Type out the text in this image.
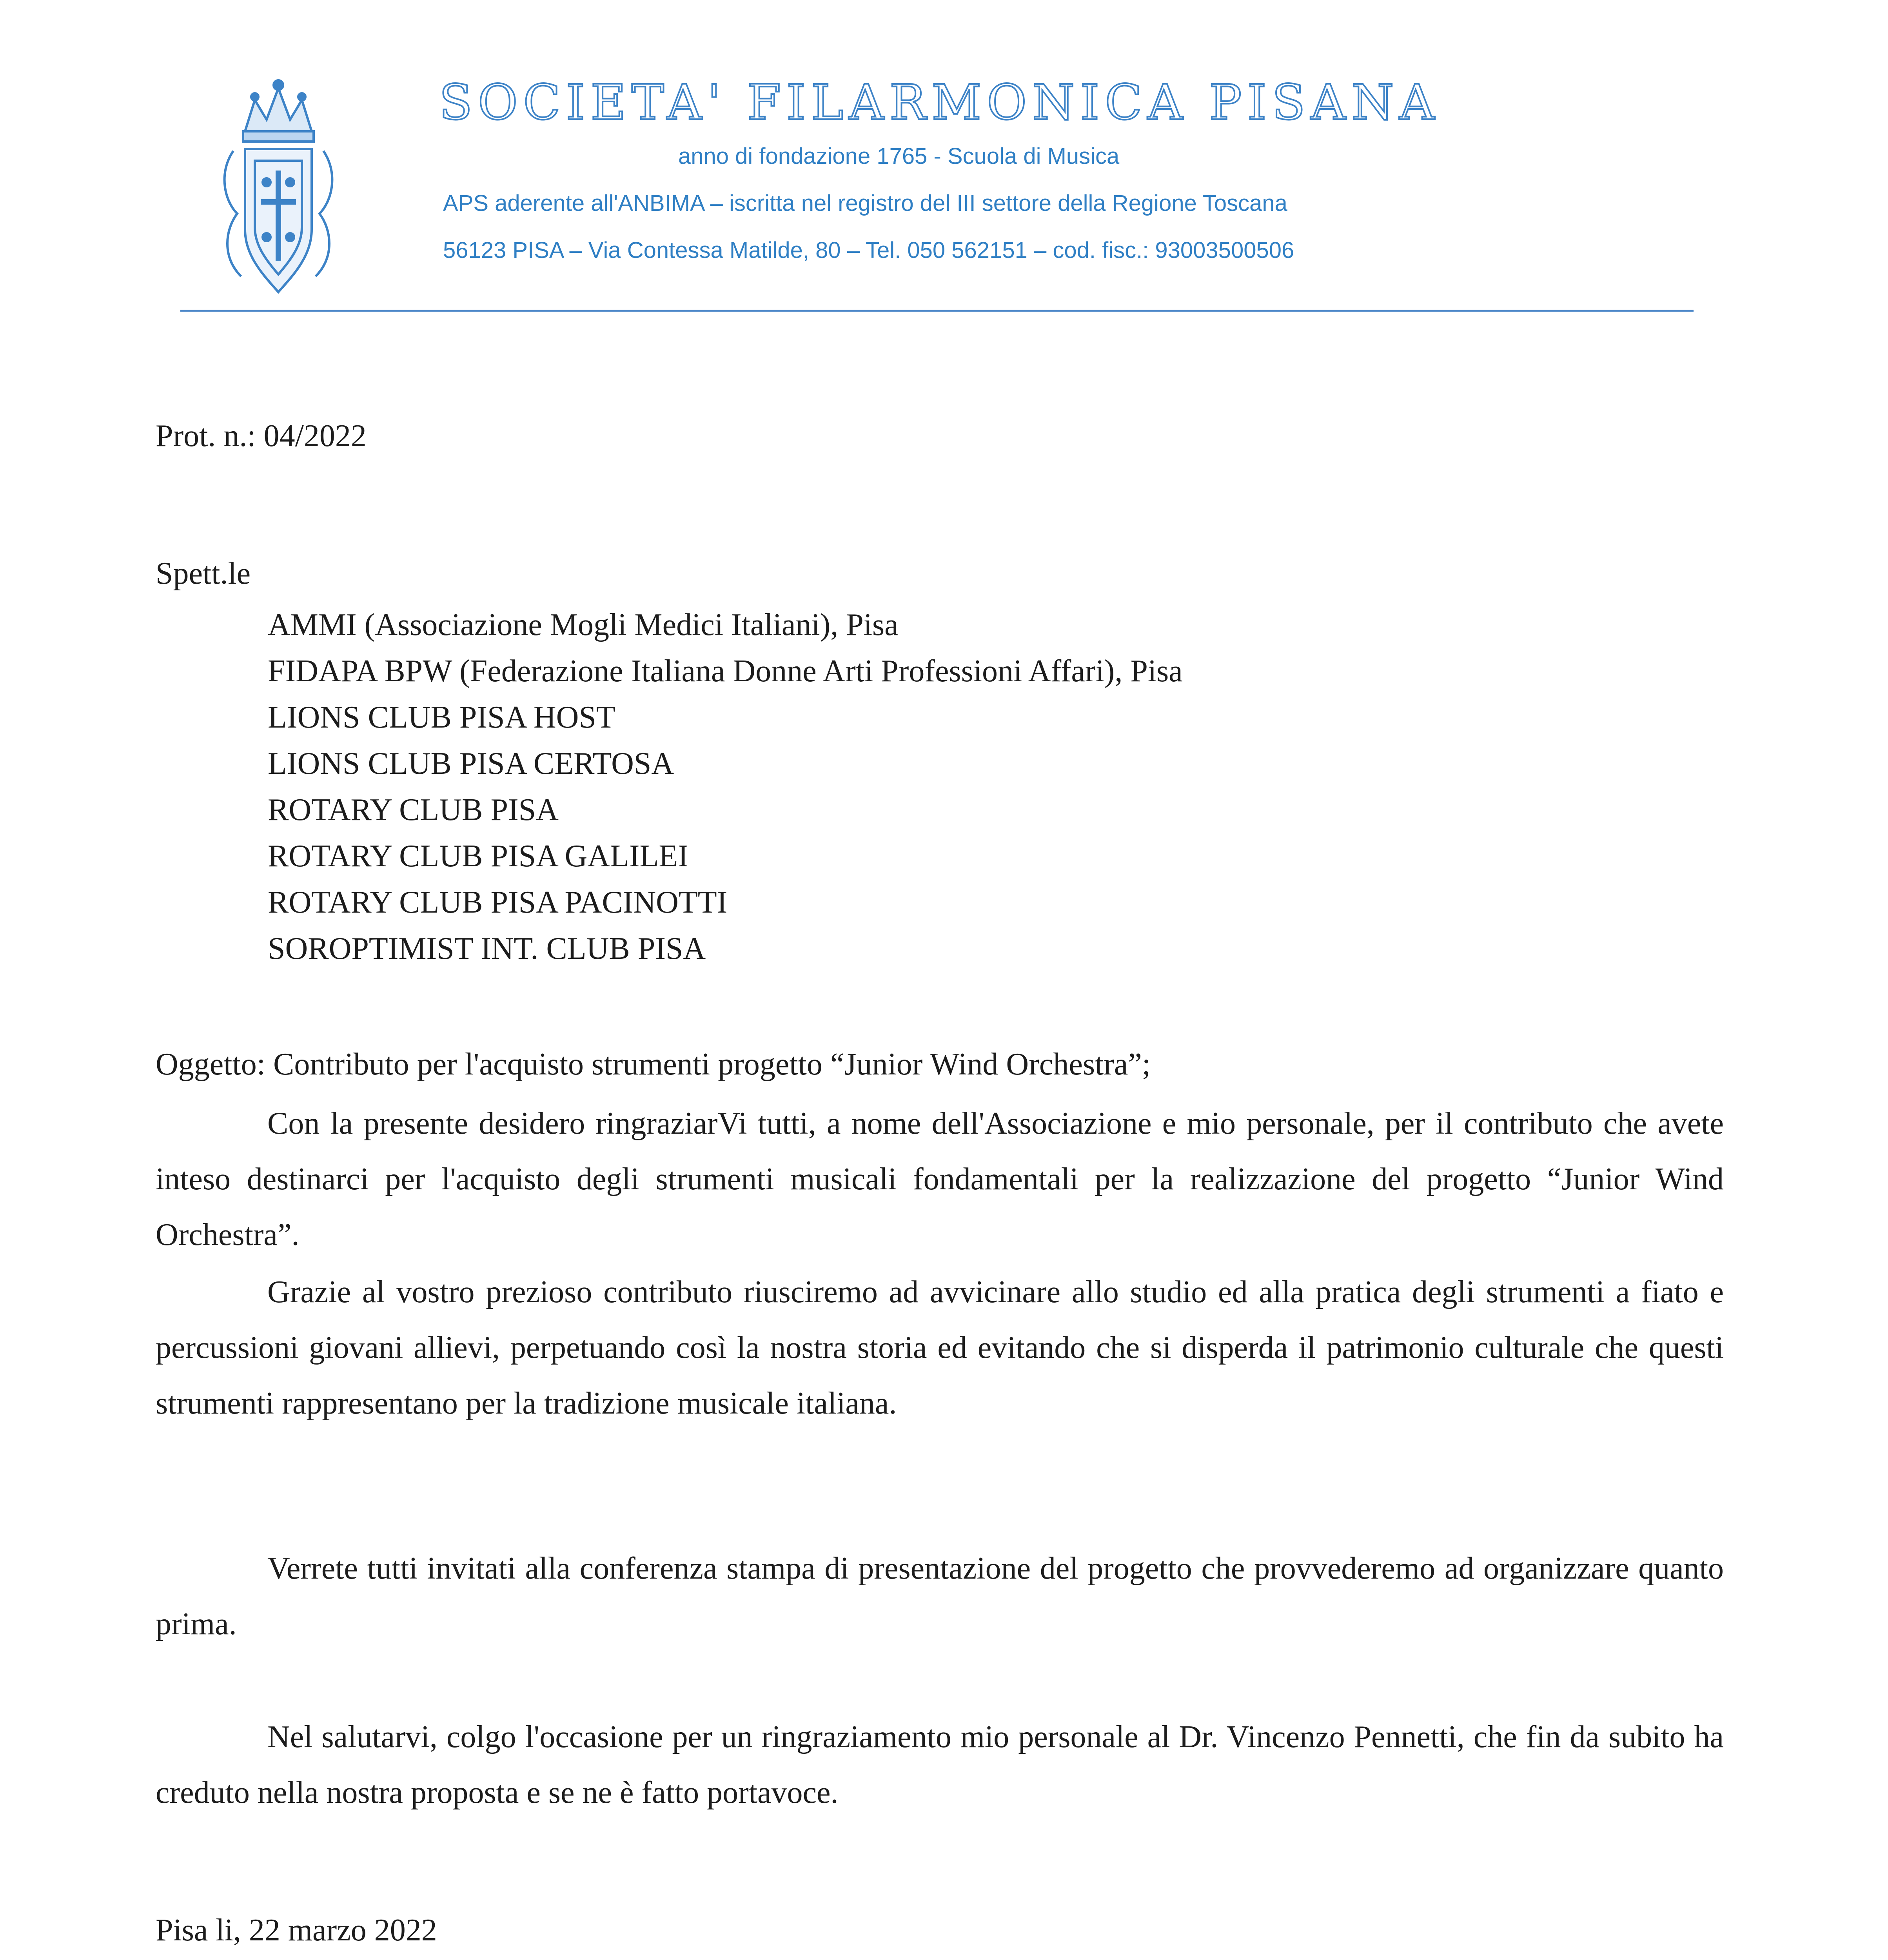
SOCIETA' FILARMONICA PISANA
anno di fondazione 1765 - Scuola di Musica
APS aderente all'ANBIMA – iscritta nel registro del III settore della Regione Toscana
56123 PISA – Via Contessa Matilde, 80 – Tel. 050 562151 – cod. fisc.: 93003500506
Prot. n.: 04/2022
Spett.le
AMMI (Associazione Mogli Medici Italiani), Pisa
FIDAPA BPW (Federazione Italiana Donne Arti Professioni Affari), Pisa
LIONS CLUB PISA HOST
LIONS CLUB PISA CERTOSA
ROTARY CLUB PISA
ROTARY CLUB PISA GALILEI
ROTARY CLUB PISA PACINOTTI
SOROPTIMIST INT. CLUB PISA
Oggetto: Contributo per l'acquisto strumenti progetto “Junior Wind Orchestra”;
Con la presente desidero ringraziarVi tutti, a nome dell'Associazione e mio personale, per il contributo che avete inteso destinarci per l'acquisto degli strumenti musicali fondamentali per la realizzazione del progetto “Junior Wind Orchestra”.
Grazie al vostro prezioso contributo riusciremo ad avvicinare allo studio ed alla pratica degli strumenti a fiato e percussioni giovani allievi, perpetuando così la nostra storia ed evitando che si disperda il patrimonio culturale che questi strumenti rappresentano per la tradizione musicale italiana.
Verrete tutti invitati alla conferenza stampa di presentazione del progetto che provvederemo ad organizzare quanto prima.
Nel salutarvi, colgo l'occasione per un ringraziamento mio personale al Dr. Vincenzo Pennetti, che fin da subito ha creduto nella nostra proposta e se ne è fatto portavoce.
Pisa li, 22 marzo 2022
